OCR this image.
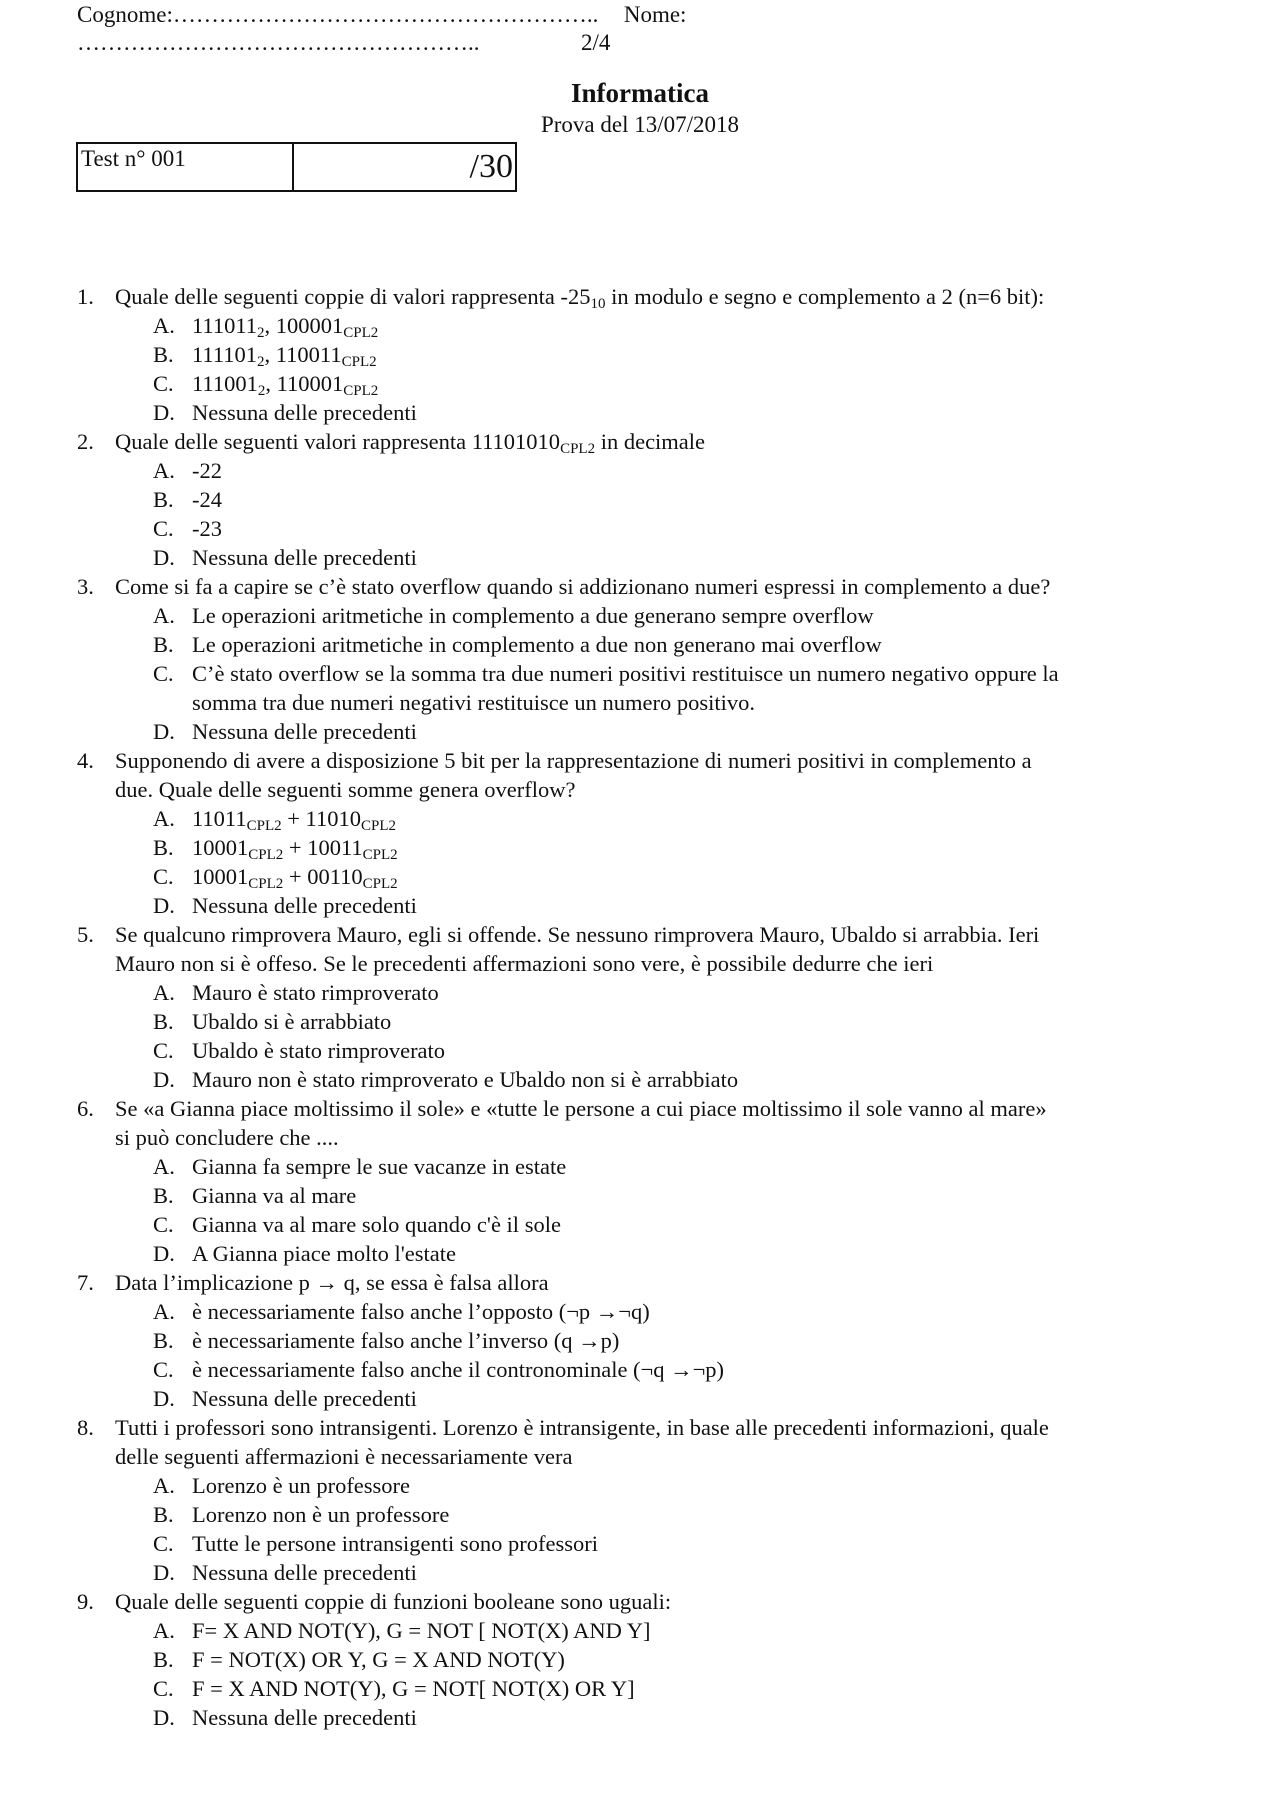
Cognome:……………………………………………….. Nome:
……………………………………………..	2/4
Informatica
Prova del 13/07/2018
Test n° 001	/30
1. Quale delle seguenti coppie di valori rappresenta $-25_{10}$ in modulo e segno e complemento a 2 (n=6 bit):
A. $111011_2$, $100001_{CPL2}$
B. $111101_2$, $110011_{CPL2}$
C. $111001_2$, $110001_{CPL2}$
D. Nessuna delle precedenti
2. Quale delle seguenti valori rappresenta $11101010_{CPL2}$ in decimale
A. -22
B. -24
C. -23
D. Nessuna delle precedenti
3. Come si fa a capire se c’è stato overflow quando si addizionano numeri espressi in complemento a due?
A. Le operazioni aritmetiche in complemento a due generano sempre overflow
B. Le operazioni aritmetiche in complemento a due non generano mai overflow
C. C’è stato overflow se la somma tra due numeri positivi restituisce un numero negativo oppure la
somma tra due numeri negativi restituisce un numero positivo.
D. Nessuna delle precedenti
4. Supponendo di avere a disposizione 5 bit per la rappresentazione di numeri positivi in complemento a
due. Quale delle seguenti somme genera overflow?
A. $11011_{CPL2} + 11010_{CPL2}$
B. $10001_{CPL2} + 10011_{CPL2}$
C. $10001_{CPL2} + 00110_{CPL2}$
D. Nessuna delle precedenti
5. Se qualcuno rimprovera Mauro, egli si offende. Se nessuno rimprovera Mauro, Ubaldo si arrabbia. Ieri
Mauro non si è offeso. Se le precedenti affermazioni sono vere, è possibile dedurre che ieri
A. Mauro è stato rimproverato
B. Ubaldo si è arrabbiato
C. Ubaldo è stato rimproverato
D. Mauro non è stato rimproverato e Ubaldo non si è arrabbiato
6. Se «a Gianna piace moltissimo il sole» e «tutte le persone a cui piace moltissimo il sole vanno al mare»
si può concludere che ....
A. Gianna fa sempre le sue vacanze in estate
B. Gianna va al mare
C. Gianna va al mare solo quando c'è il sole
D. A Gianna piace molto l'estate
7. Data l’implicazione p → q, se essa è falsa allora
A. è necessariamente falso anche l’opposto (¬p →¬q)
B. è necessariamente falso anche l’inverso (q →p)
C. è necessariamente falso anche il contronominale (¬q →¬p)
D. Nessuna delle precedenti
8. Tutti i professori sono intransigenti. Lorenzo è intransigente, in base alle precedenti informazioni, quale
delle seguenti affermazioni è necessariamente vera
A. Lorenzo è un professore
B. Lorenzo non è un professore
C. Tutte le persone intransigenti sono professori
D. Nessuna delle precedenti
9. Quale delle seguenti coppie di funzioni booleane sono uguali:
A. F= X AND NOT(Y), G = NOT [ NOT(X) AND Y]
B. F = NOT(X) OR Y, G = X AND NOT(Y)
C. F = X AND NOT(Y), G = NOT[ NOT(X) OR Y]
D. Nessuna delle precedenti
